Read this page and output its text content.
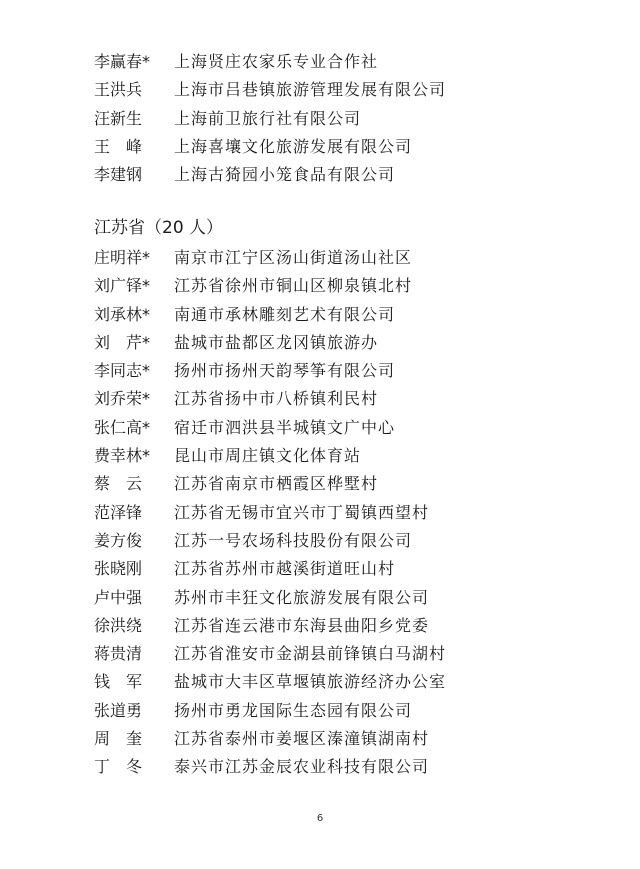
李赢春* 上海贤庄农家乐专业合作社
王洪兵 上海市吕巷镇旅游管理发展有限公司
汪新生 上海前卫旅行社有限公司
王　峰 上海喜壤文化旅游发展有限公司
李建钢 上海古猗园小笼食品有限公司
江苏省（20 人）
庄明祥* 南京市江宁区汤山街道汤山社区
刘广铎* 江苏省徐州市铜山区柳泉镇北村
刘承林* 南通市承林雕刻艺术有限公司
刘　芹* 盐城市盐都区龙冈镇旅游办
李同志* 扬州市扬州天韵琴筝有限公司
刘乔荣* 江苏省扬中市八桥镇利民村
张仁高* 宿迁市泗洪县半城镇文广中心
费幸林* 昆山市周庄镇文化体育站
蔡　云 江苏省南京市栖霞区桦墅村
范泽锋 江苏省无锡市宜兴市丁蜀镇西望村
姜方俊 江苏一号农场科技股份有限公司
张晓刚 江苏省苏州市越溪街道旺山村
卢中强 苏州市丰狂文化旅游发展有限公司
徐洪绕 江苏省连云港市东海县曲阳乡党委
蒋贵清 江苏省淮安市金湖县前锋镇白马湖村
钱　军 盐城市大丰区草堰镇旅游经济办公室
张道勇 扬州市勇龙国际生态园有限公司
周　奎 江苏省泰州市姜堰区溱潼镇湖南村
丁　冬 泰兴市江苏金辰农业科技有限公司
6
